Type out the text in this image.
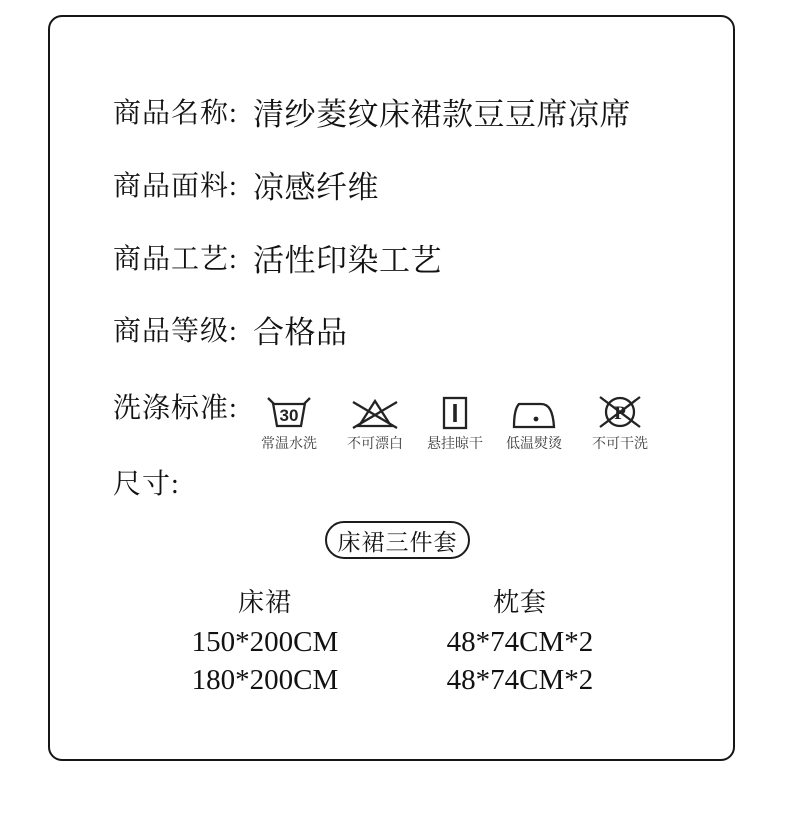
商品名称: 清纱菱纹床裙款豆豆席凉席
商品面料: 凉感纤维
商品工艺: 活性印染工艺
商品等级: 合格品
洗涤标准: 30
常温水洗	不可漂白	悬挂晾干	低温熨烫
P
不可干洗
尺寸:
床裙三件套
床裙	枕套
150*200CM	48*74CM*2
180*200CM	48*74CM*2
